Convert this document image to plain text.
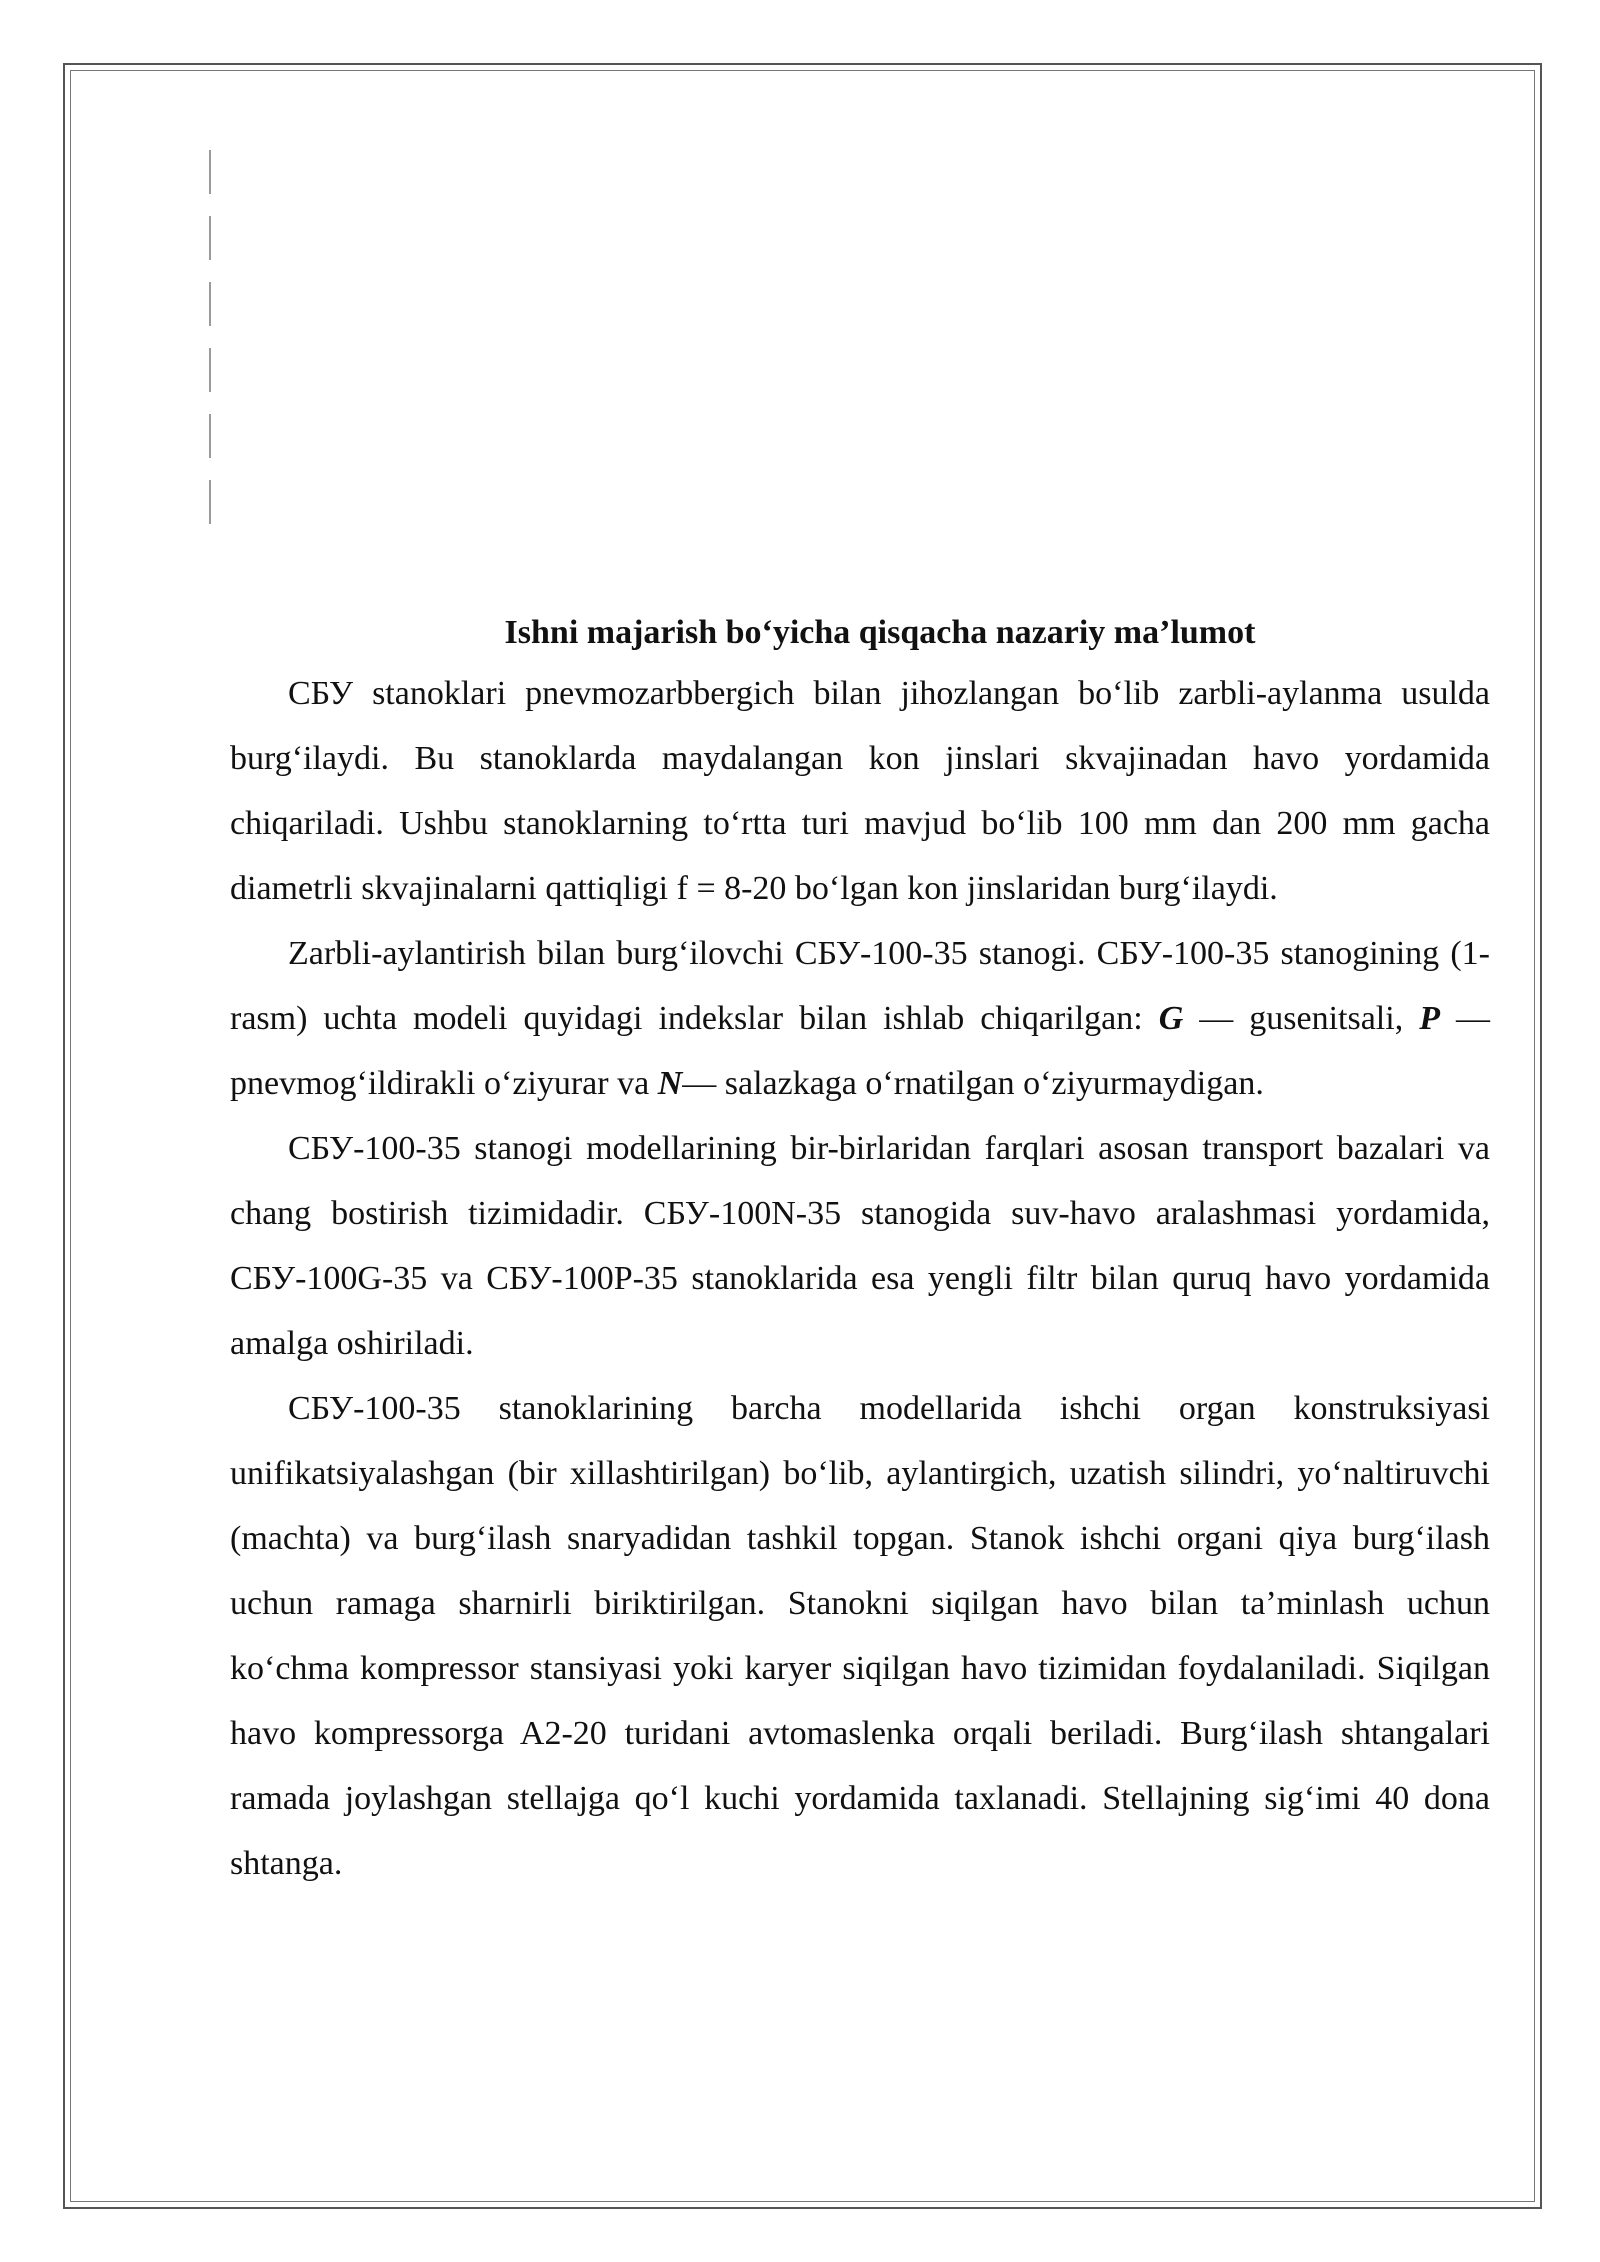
Ishni majarish bo‘yicha qisqacha nazariy ma’lumot

СБУ stanoklari pnevmozarbbergich bilan jihozlangan bo‘lib zarbli-aylanma usulda burg‘ilaydi. Bu stanoklarda maydalangan kon jinslari skvajinadan havo yordamida chiqariladi. Ushbu stanoklarning to‘rtta turi mavjud bo‘lib 100 mm dan 200 mm gacha diametrli skvajinalarni qattiqligi f = 8-20 bo‘lgan kon jinslaridan burg‘ilaydi.

Zarbli-aylantirish bilan burg‘ilovchi СБУ-100-35 stanogi. СБУ-100-35 stanogining (1-rasm) uchta modeli quyidagi indekslar bilan ishlab chiqarilgan: G — gusenitsali, P — pnevmog‘ildirakli o‘ziyurar va N— salazkaga o‘rnatilgan o‘ziyurmaydigan.

СБУ-100-35 stanogi modellarining bir-birlaridan farqlari asosan transport bazalari va chang bostirish tizimidadir. СБУ-100N-35 stanogida suv-havo aralashmasi yordamida, СБУ-100G-35 va СБУ-100P-35 stanoklarida esa yengli filtr bilan quruq havo yordamida amalga oshiriladi.

СБУ-100-35 stanoklarining barcha modellarida ishchi organ konstruksiyasi unifikatsiyalashgan (bir xillashtirilgan) bo‘lib, aylantirgich, uzatish silindri, yo‘naltiruvchi (machta) va burg‘ilash snaryadidan tashkil topgan. Stanok ishchi organi qiya burg‘ilash uchun ramaga sharnirli biriktirilgan. Stanokni siqilgan havo bilan ta’minlash uchun ko‘chma kompressor stansiyasi yoki karyer siqilgan havo tizimidan foydalaniladi. Siqilgan havo kompressorga A2-20 turidani avtomaslenka orqali beriladi. Burg‘ilash shtangalari ramada joylashgan stellajga qo‘l kuchi yordamida taxlanadi. Stellajning sig‘imi 40 dona shtanga.
